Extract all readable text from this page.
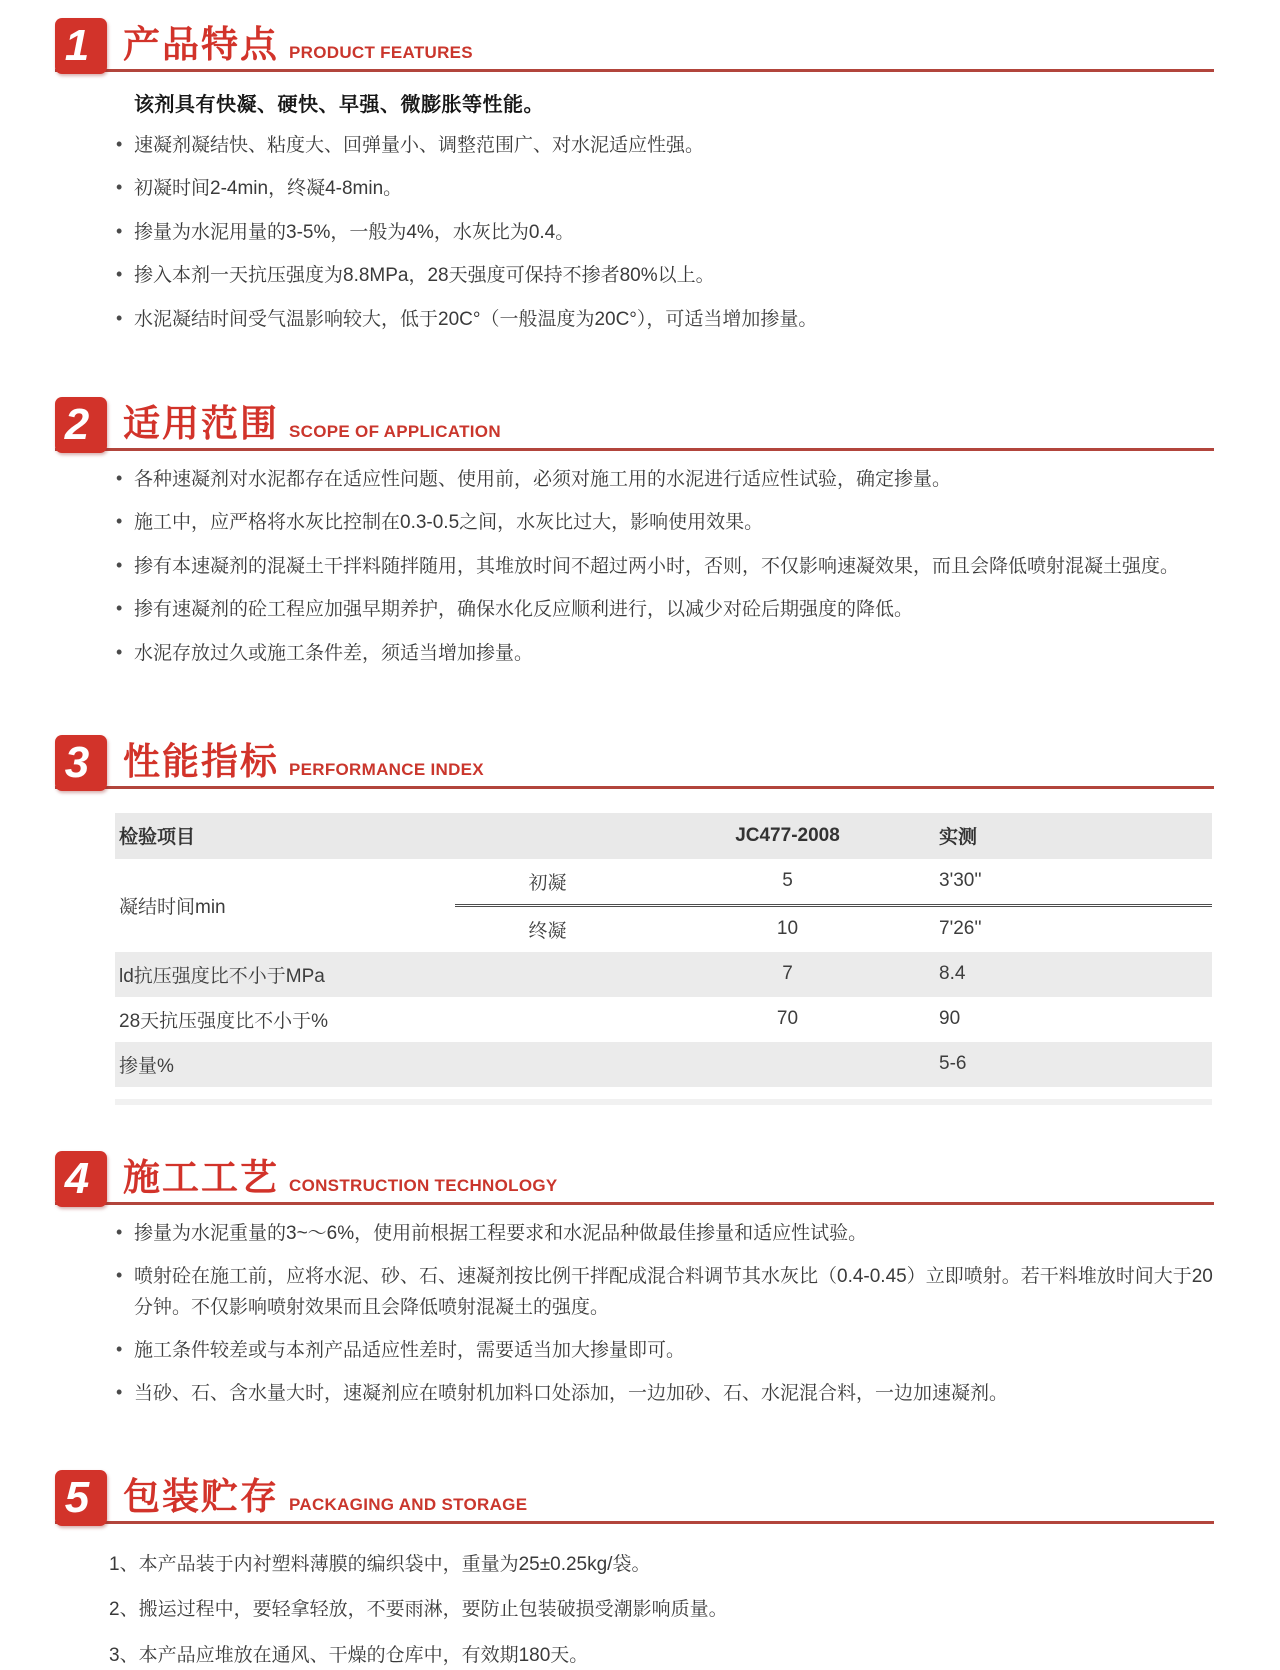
1 产品特点 PRODUCT FEATURES
该剂具有快凝、硬快、早强、微膨胀等性能。
• 速凝剂凝结快、粘度大、回弹量小、调整范围广、对水泥适应性强。
• 初凝时间2-4min，终凝4-8min。
• 掺量为水泥用量的3-5%，一般为4%，水灰比为0.4。
• 掺入本剂一天抗压强度为8.8MPa，28天强度可保持不掺者80%以上。
• 水泥凝结时间受气温影响较大，低于20C°（一般温度为20C°），可适当增加掺量。
2 适用范围 SCOPE OF APPLICATION
• 各种速凝剂对水泥都存在适应性问题、使用前，必须对施工用的水泥进行适应性试验，确定掺量。
• 施工中，应严格将水灰比控制在0.3-0.5之间，水灰比过大，影响使用效果。
• 掺有本速凝剂的混凝土干拌料随拌随用，其堆放时间不超过两小时，否则，不仅影响速凝效果，而且会降低喷射混凝土强度。
• 掺有速凝剂的砼工程应加强早期养护，确保水化反应顺利进行，以减少对砼后期强度的降低。
• 水泥存放过久或施工条件差，须适当增加掺量。
3 性能指标 PERFORMANCE INDEX
检验项目		JC477-2008	实测
凝结时间min	初凝	5	3'30''
	终凝	10	7'26''
ld抗压强度比不小于MPa		7	8.4
28天抗压强度比不小于%		70	90
掺量%			5-6
4 施工工艺 CONSTRUCTION TECHNOLOGY
• 掺量为水泥重量的3~～6%，使用前根据工程要求和水泥品种做最佳掺量和适应性试验。
• 喷射砼在施工前，应将水泥、砂、石、速凝剂按比例干拌配成混合料调节其水灰比（0.4-0.45）立即喷射。若干料堆放时间大于20分钟。不仅影响喷射效果而且会降低喷射混凝土的强度。
• 施工条件较差或与本剂产品适应性差时，需要适当加大掺量即可。
• 当砂、石、含水量大时，速凝剂应在喷射机加料口处添加，一边加砂、石、水泥混合料，一边加速凝剂。
5 包装贮存 PACKAGING AND STORAGE
1、本产品装于内衬塑料薄膜的编织袋中，重量为25±0.25kg/袋。
2、搬运过程中，要轻拿轻放，不要雨淋，要防止包装破损受潮影响质量。
3、本产品应堆放在通风、干燥的仓库中，有效期180天。
